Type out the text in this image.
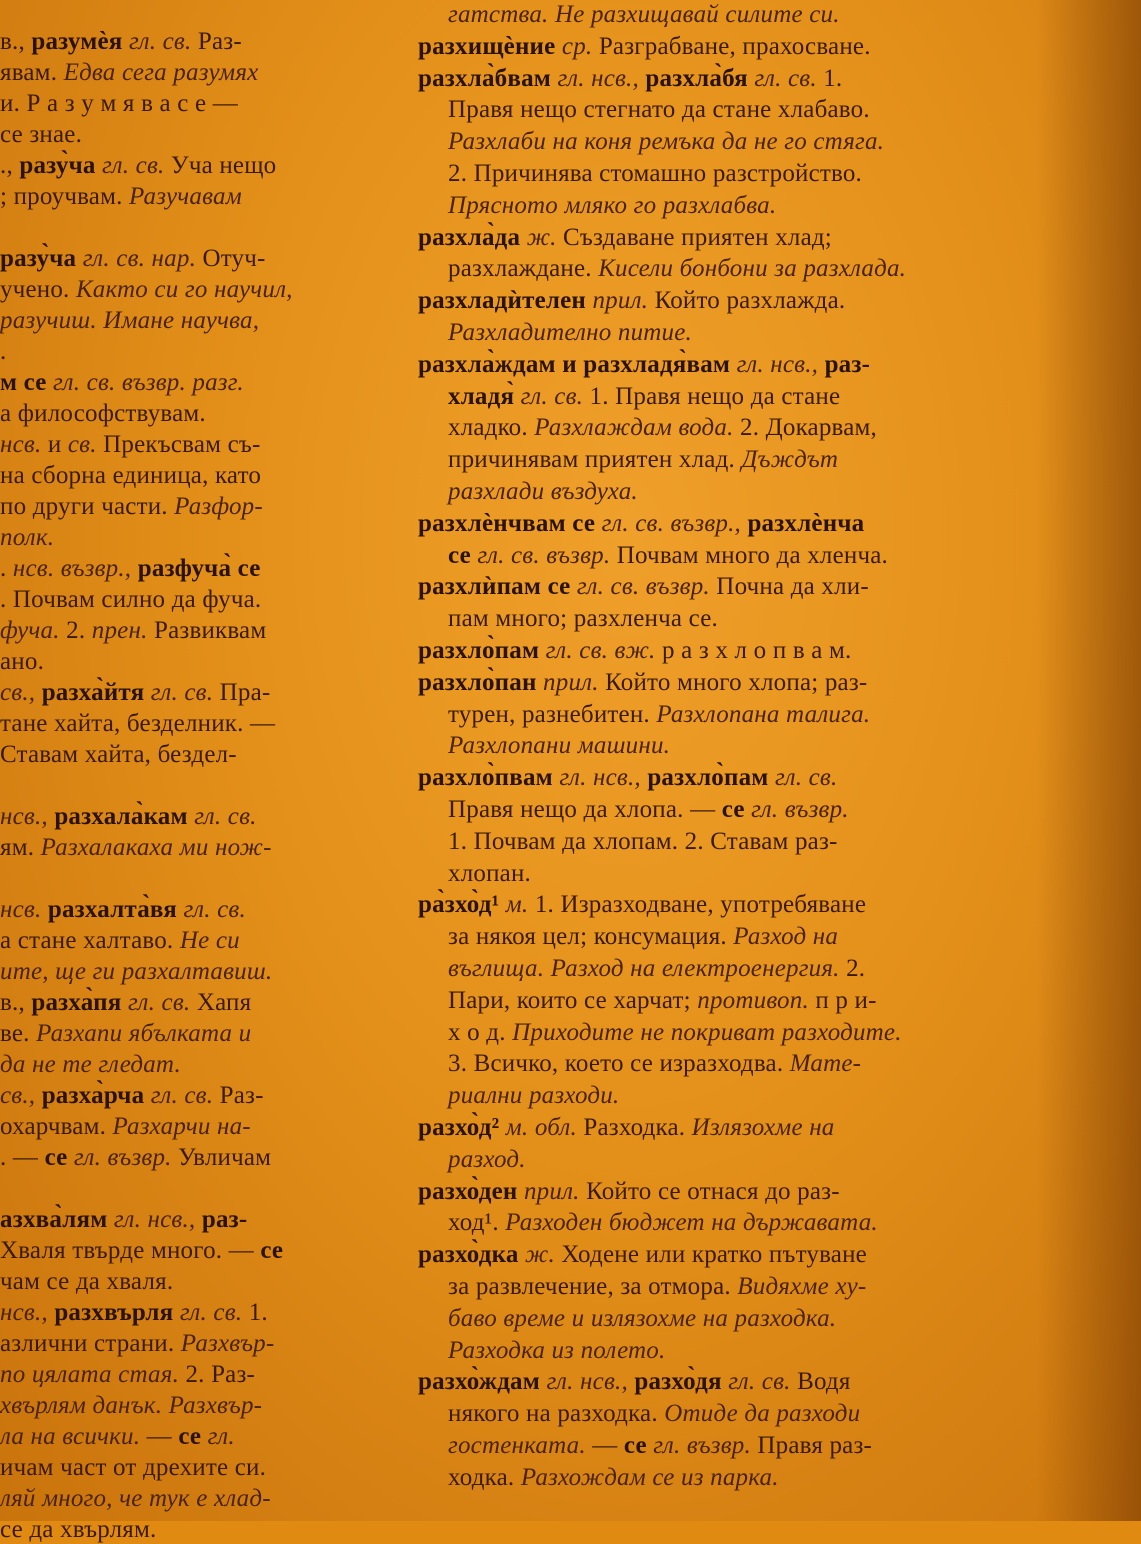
в., разумѐя гл. св. Раз-
явам. Едва сега разумях
и. Р а з у м я в а с е —
се знае.
., разу̀ча гл. св. Уча нещо
; проучвам. Разучавам
разу̀ча гл. св. нар. Отуч-
учено. Както си го научил,
разучиш. Имане научва,
.
м се гл. св. възвр. разг.
а философствувам.
нсв. и св. Прекъсвам съ-
на сборна единица, като
по други части. Разфор-
полк.
. нсв. възвр., разфуча̀ се
. Почвам силно да фуча.
фуча. 2. прен. Развиквам
ано.
св., разха̀йтя гл. св. Пра-
тане хайта, безделник. —
Ставам хайта, бездел-
нсв., разхала̀кам гл. св.
ям. Разхалакаха ми нож-
нсв. разхалта̀вя гл. св.
а стане халтаво. Не си
ите, ще ги разхалтавиш.
в., разха̀пя гл. св. Хапя
ве. Разхапи ябълката и
да не те гледат.
св., разха̀рча гл. св. Раз-
охарчвам. Разхарчи на-
. — се гл. възвр. Увличам
азхва̀лям гл. нсв., раз-
Хваля твърде много. — се
чам се да хваля.
нсв., разхвърля гл. св. 1.
азлични страни. Разхвър-
по цялата стая. 2. Раз-
хвърлям данък. Разхвър-
ла на всички. — се гл.
ичам част от дрехите си.
ляй много, че тук е хлад-
се да хвърлям.
гатства. Не разхищавай силите си.
разхищѐние ср. Разграбване, прахосване.
разхла̀бвам гл. нсв., разхла̀бя гл. св. 1.
Правя нещо стегнато да стане хлабаво.
Разхлаби на коня ремъка да не го стяга.
2. Причинява стомашно разстройство.
Прясното мляко го разхлабва.
разхла̀да ж. Създаване приятен хлад;
разхлаждане. Кисели бонбони за разхлада.
разхладѝтелен прил. Който разхлажда.
Разхладително питие.
разхла̀ждам и разхладя̀вам гл. нсв., раз-
хладя̀ гл. св. 1. Правя нещо да стане
хладко. Разхлаждам вода. 2. Докарвам,
причинявам приятен хлад. Дъждът
разхлади въздуха.
разхлѐнчвам се гл. св. възвр., разхлѐнча
се гл. св. възвр. Почвам много да хленча.
разхлѝпам се гл. св. възвр. Почна да хли-
пам много; разхленча се.
разхло̀пам гл. св. вж. р а з х л о п в а м.
разхло̀пан прил. Който много хлопа; раз-
турен, разнебитен. Разхлопана талига.
Разхлопани машини.
разхло̀пвам гл. нсв., разхло̀пам гл. св.
Правя нещо да хлопа. — се гл. възвр.
1. Почвам да хлопам. 2. Ставам раз-
хлопан.
ра̀зхо̀д¹ м. 1. Изразходване, употребяване
за някоя цел; консумация. Разход на
въглища. Разход на електроенергия. 2.
Пари, които се харчат; противоп. п р и-
х о д. Приходите не покриват разходите.
3. Всичко, което се изразходва. Мате-
риални разходи.
разхо̀д² м. обл. Разходка. Излязохме на
разход.
разхо̀ден прил. Който се отнася до раз-
ход¹. Разходен бюджет на държавата.
разхо̀дка ж. Ходене или кратко пътуване
за развлечение, за отмора. Видяхме ху-
баво време и излязохме на разходка.
Разходка из полето.
разхо̀ждам гл. нсв., разхо̀дя гл. св. Водя
някого на разходка. Отиде да разходи
гостенката. — се гл. възвр. Правя раз-
ходка. Разхождам се из парка.
